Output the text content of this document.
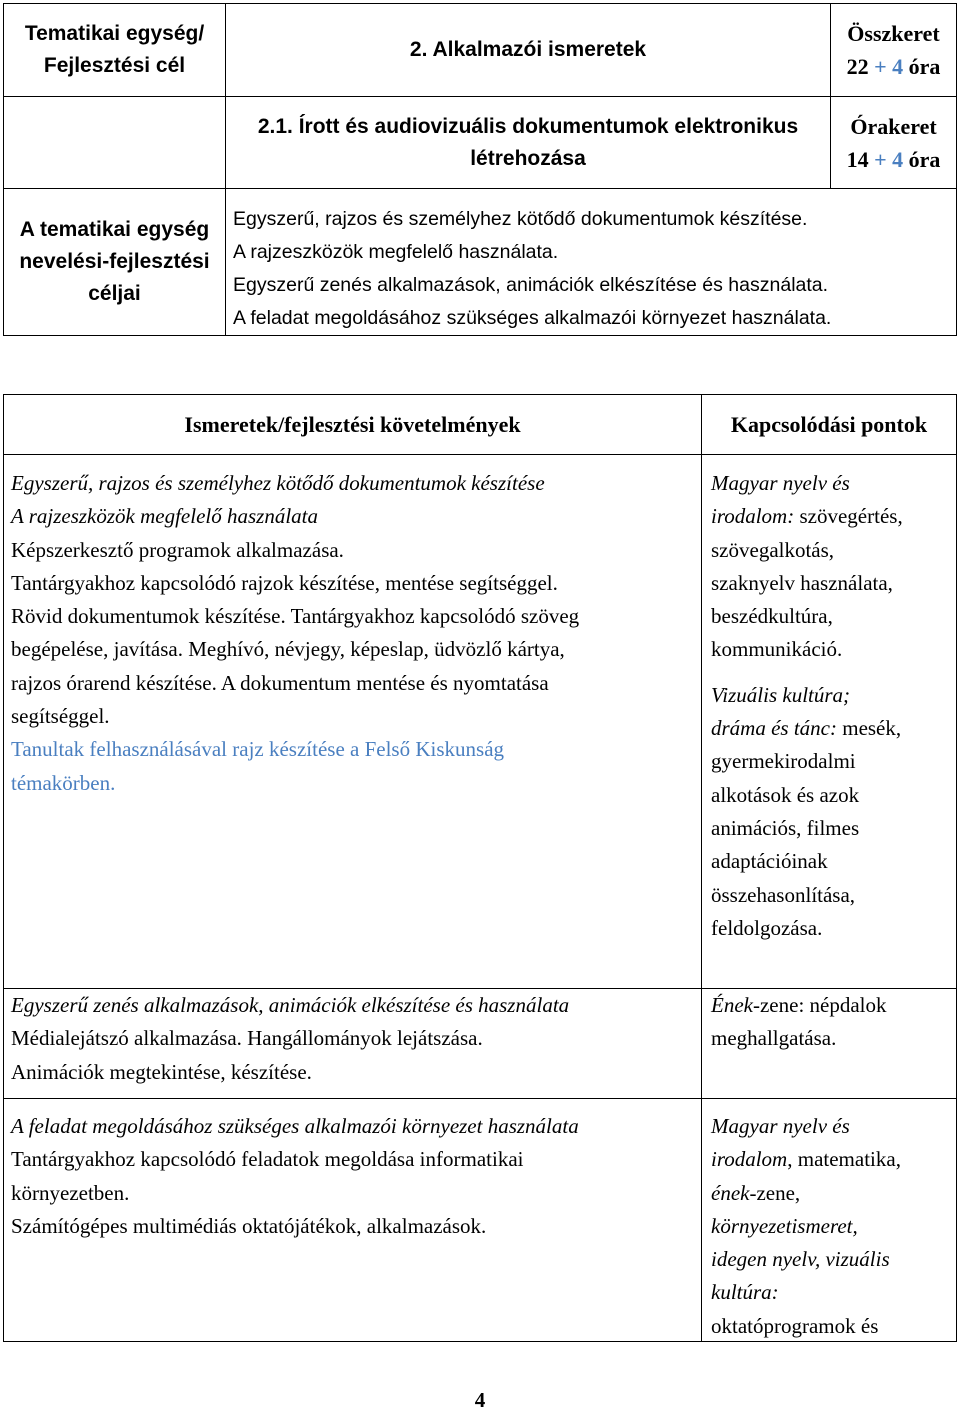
Tematikai egység/
Fejlesztési cél
2. Alkalmazói ismeretek
Összkeret
22 + 4 óra
2.1. Írott és audiovizuális dokumentumok elektronikus
létrehozása
Órakeret
14 + 4 óra
A tematikai egység
nevelési-fejlesztési
céljai
Egyszerű, rajzos és személyhez kötődő dokumentumok készítése.
A rajzeszközök megfelelő használata.
Egyszerű zenés alkalmazások, animációk elkészítése és használata.
A feladat megoldásához szükséges alkalmazói környezet használata.
Ismeretek/fejlesztési követelmények	Kapcsolódási pontok
Egyszerű, rajzos és személyhez kötődő dokumentumok készítése
A rajzeszközök megfelelő használata
Képszerkesztő programok alkalmazása.
Tantárgyakhoz kapcsolódó rajzok készítése, mentése segítséggel.
Rövid dokumentumok készítése. Tantárgyakhoz kapcsolódó szöveg
begépelése, javítása. Meghívó, névjegy, képeslap, üdvözlő kártya,
rajzos órarend készítése. A dokumentum mentése és nyomtatása
segítséggel.
Tanultak felhasználásával rajz készítése a Felső Kiskunság
témakörben.
Magyar nyelv és
irodalom: szövegértés,
szövegalkotás,
szaknyelv használata,
beszédkultúra,
kommunikáció.
Vizuális kultúra;
dráma és tánc: mesék,
gyermekirodalmi
alkotások és azok
animációs, filmes
adaptációinak
összehasonlítása,
feldolgozása.
Egyszerű zenés alkalmazások, animációk elkészítése és használata
Médialejátszó alkalmazása. Hangállományok lejátszása.
Animációk megtekintése, készítése.
Ének-zene: népdalok
meghallgatása.
A feladat megoldásához szükséges alkalmazói környezet használata
Tantárgyakhoz kapcsolódó feladatok megoldása informatikai
környezetben.
Számítógépes multimédiás oktatójátékok, alkalmazások.
Magyar nyelv és
irodalom, matematika,
ének-zene,
környezetismeret,
idegen nyelv, vizuális
kultúra:
oktatóprogramok és
4
